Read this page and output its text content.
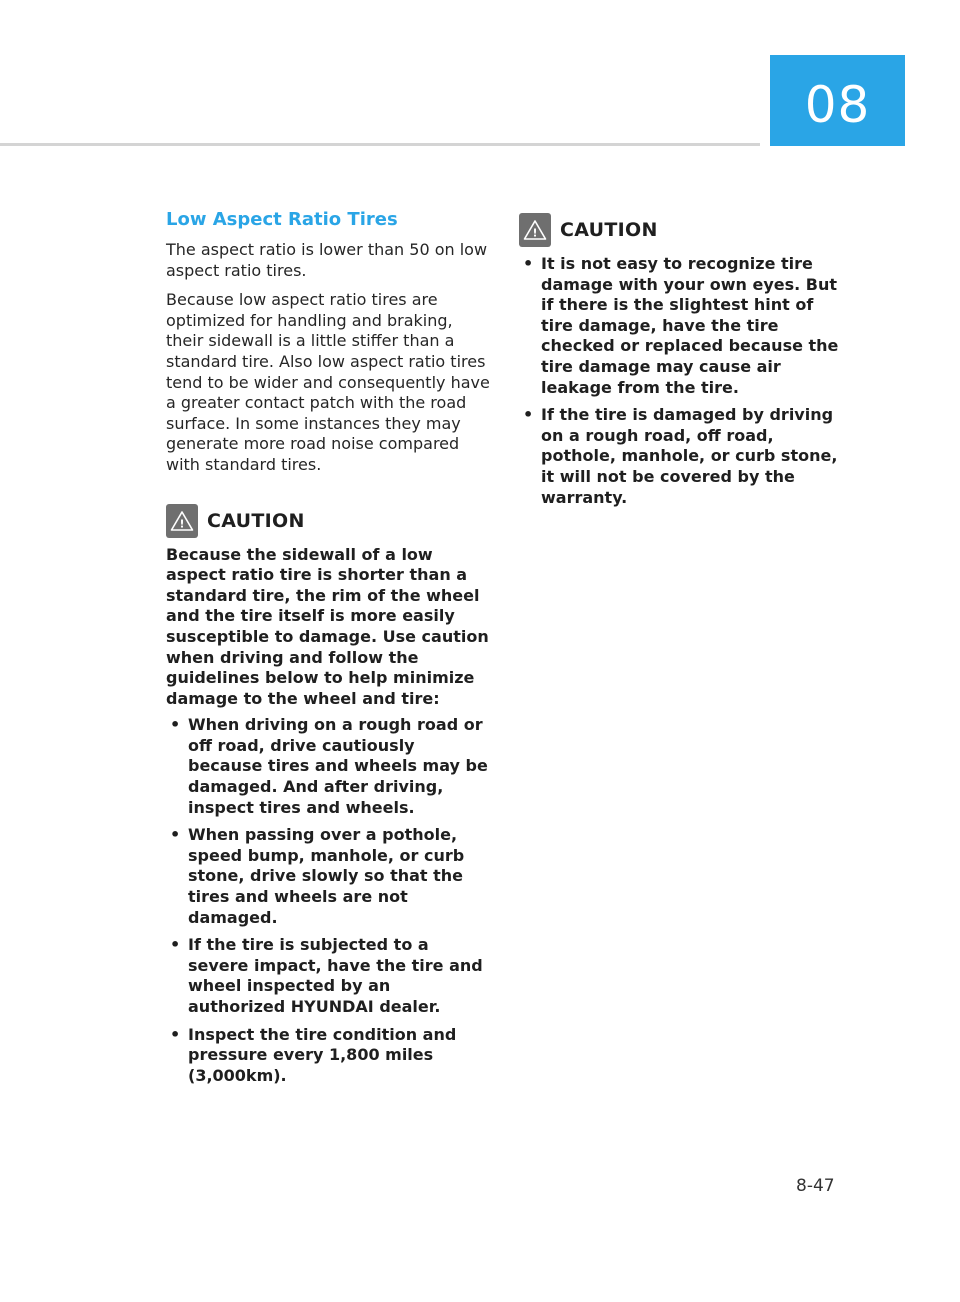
08
Low Aspect Ratio Tires

The aspect ratio is lower than 50 on low aspect ratio tires.

Because low aspect ratio tires are optimized for handling and braking, their sidewall is a little stiffer than a standard tire. Also low aspect ratio tires tend to be wider and consequently have a greater contact patch with the road surface. In some instances they may generate more road noise compared with standard tires.

! CAUTION

Because the sidewall of a low aspect ratio tire is shorter than a standard tire, the rim of the wheel and the tire itself is more easily susceptible to damage. Use caution when driving and follow the guidelines below to help minimize damage to the wheel and tire:

• When driving on a rough road or off road, drive cautiously because tires and wheels may be damaged. And after driving, inspect tires and wheels.
• When passing over a pothole, speed bump, manhole, or curb stone, drive slowly so that the tires and wheels are not damaged.
• If the tire is subjected to a severe impact, have the tire and wheel inspected by an authorized HYUNDAI dealer.
• Inspect the tire condition and pressure every 1,800 miles (3,000km).
! CAUTION
• It is not easy to recognize tire damage with your own eyes. But if there is the slightest hint of tire damage, have the tire checked or replaced because the tire damage may cause air leakage from the tire.
• If the tire is damaged by driving on a rough road, off road, pothole, manhole, or curb stone, it will not be covered by the warranty.
8-47
